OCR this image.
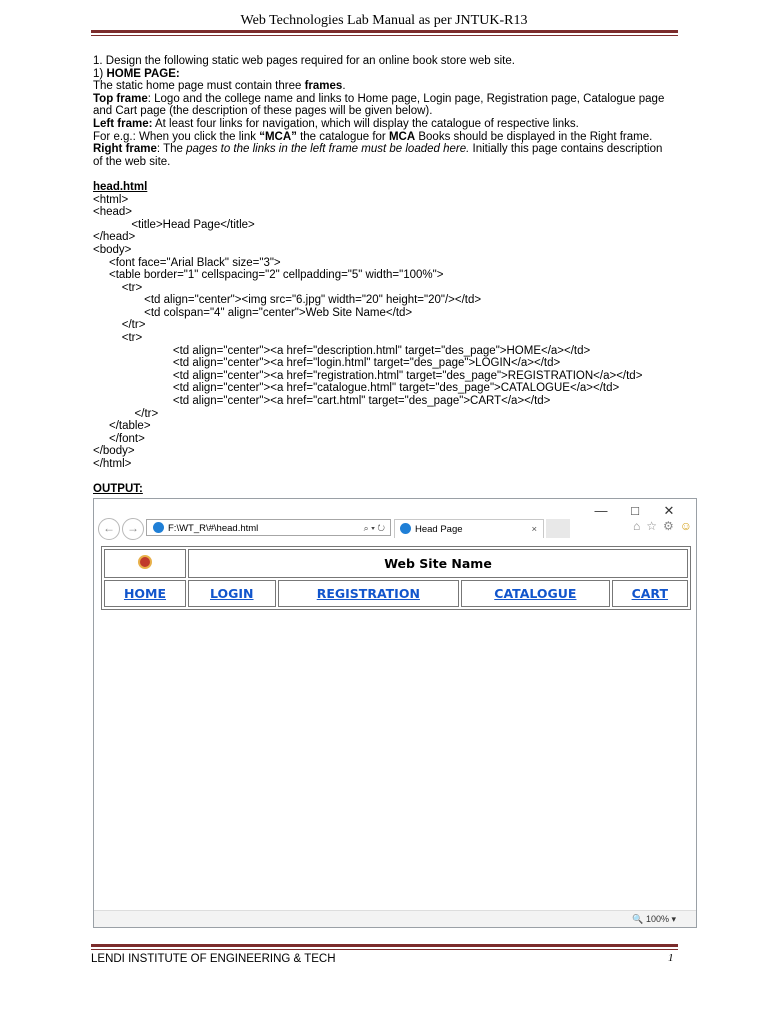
Web Technologies Lab Manual as per JNTUK-R13

1. Design the following static web pages required for an online book store web site.

1) HOME PAGE:

The static home page must contain three frames.

Top frame: Logo and the college name and links to Home page, Login page, Registration page, Catalogue page

and Cart page (the description of these pages will be given below).

Left frame: At least four links for navigation, which will display the catalogue of respective links.

For e.g.: When you click the link “MCA” the catalogue for MCA Books should be displayed in the Right frame.

Right frame: The pages to the links in the left frame must be loaded here. Initially this page contains description

of the web site.

head.html

<html>

<head>

<title>Head Page</title>

</head>

<body>

<font face="Arial Black" size="3">

<table border="1" cellspacing="2" cellpadding="5" width="100%">

<tr>

<td align="center"><img src="6.jpg" width="20" height="20"/></td>

<td colspan="4" align="center">Web Site Name</td>

</tr>

<tr>

<td align="center"><a href="description.html" target="des_page">HOME</a></td>

<td align="center"><a href="login.html" target="des_page">LOGIN</a></td>

<td align="center"><a href="registration.html" target="des_page">REGISTRATION</a></td>

<td align="center"><a href="catalogue.html" target="des_page">CATALOGUE</a></td>

<td align="center"><a href="cart.html" target="des_page">CART</a></td>

</tr>

</table>

</font>

</body>

</html>

OUTPUT:

— □ ✕
←	→	F:\WT_R\#\head.html	⌕ ▾ ↻	Head Page	×	⌂ ☆ ⚙ ☺
	Web Site Name			
HOME	LOGIN	REGISTRATION	CATALOGUE	CART
🔍 100% ▾
LENDI INSTITUTE OF ENGINEERING & TECH	1
